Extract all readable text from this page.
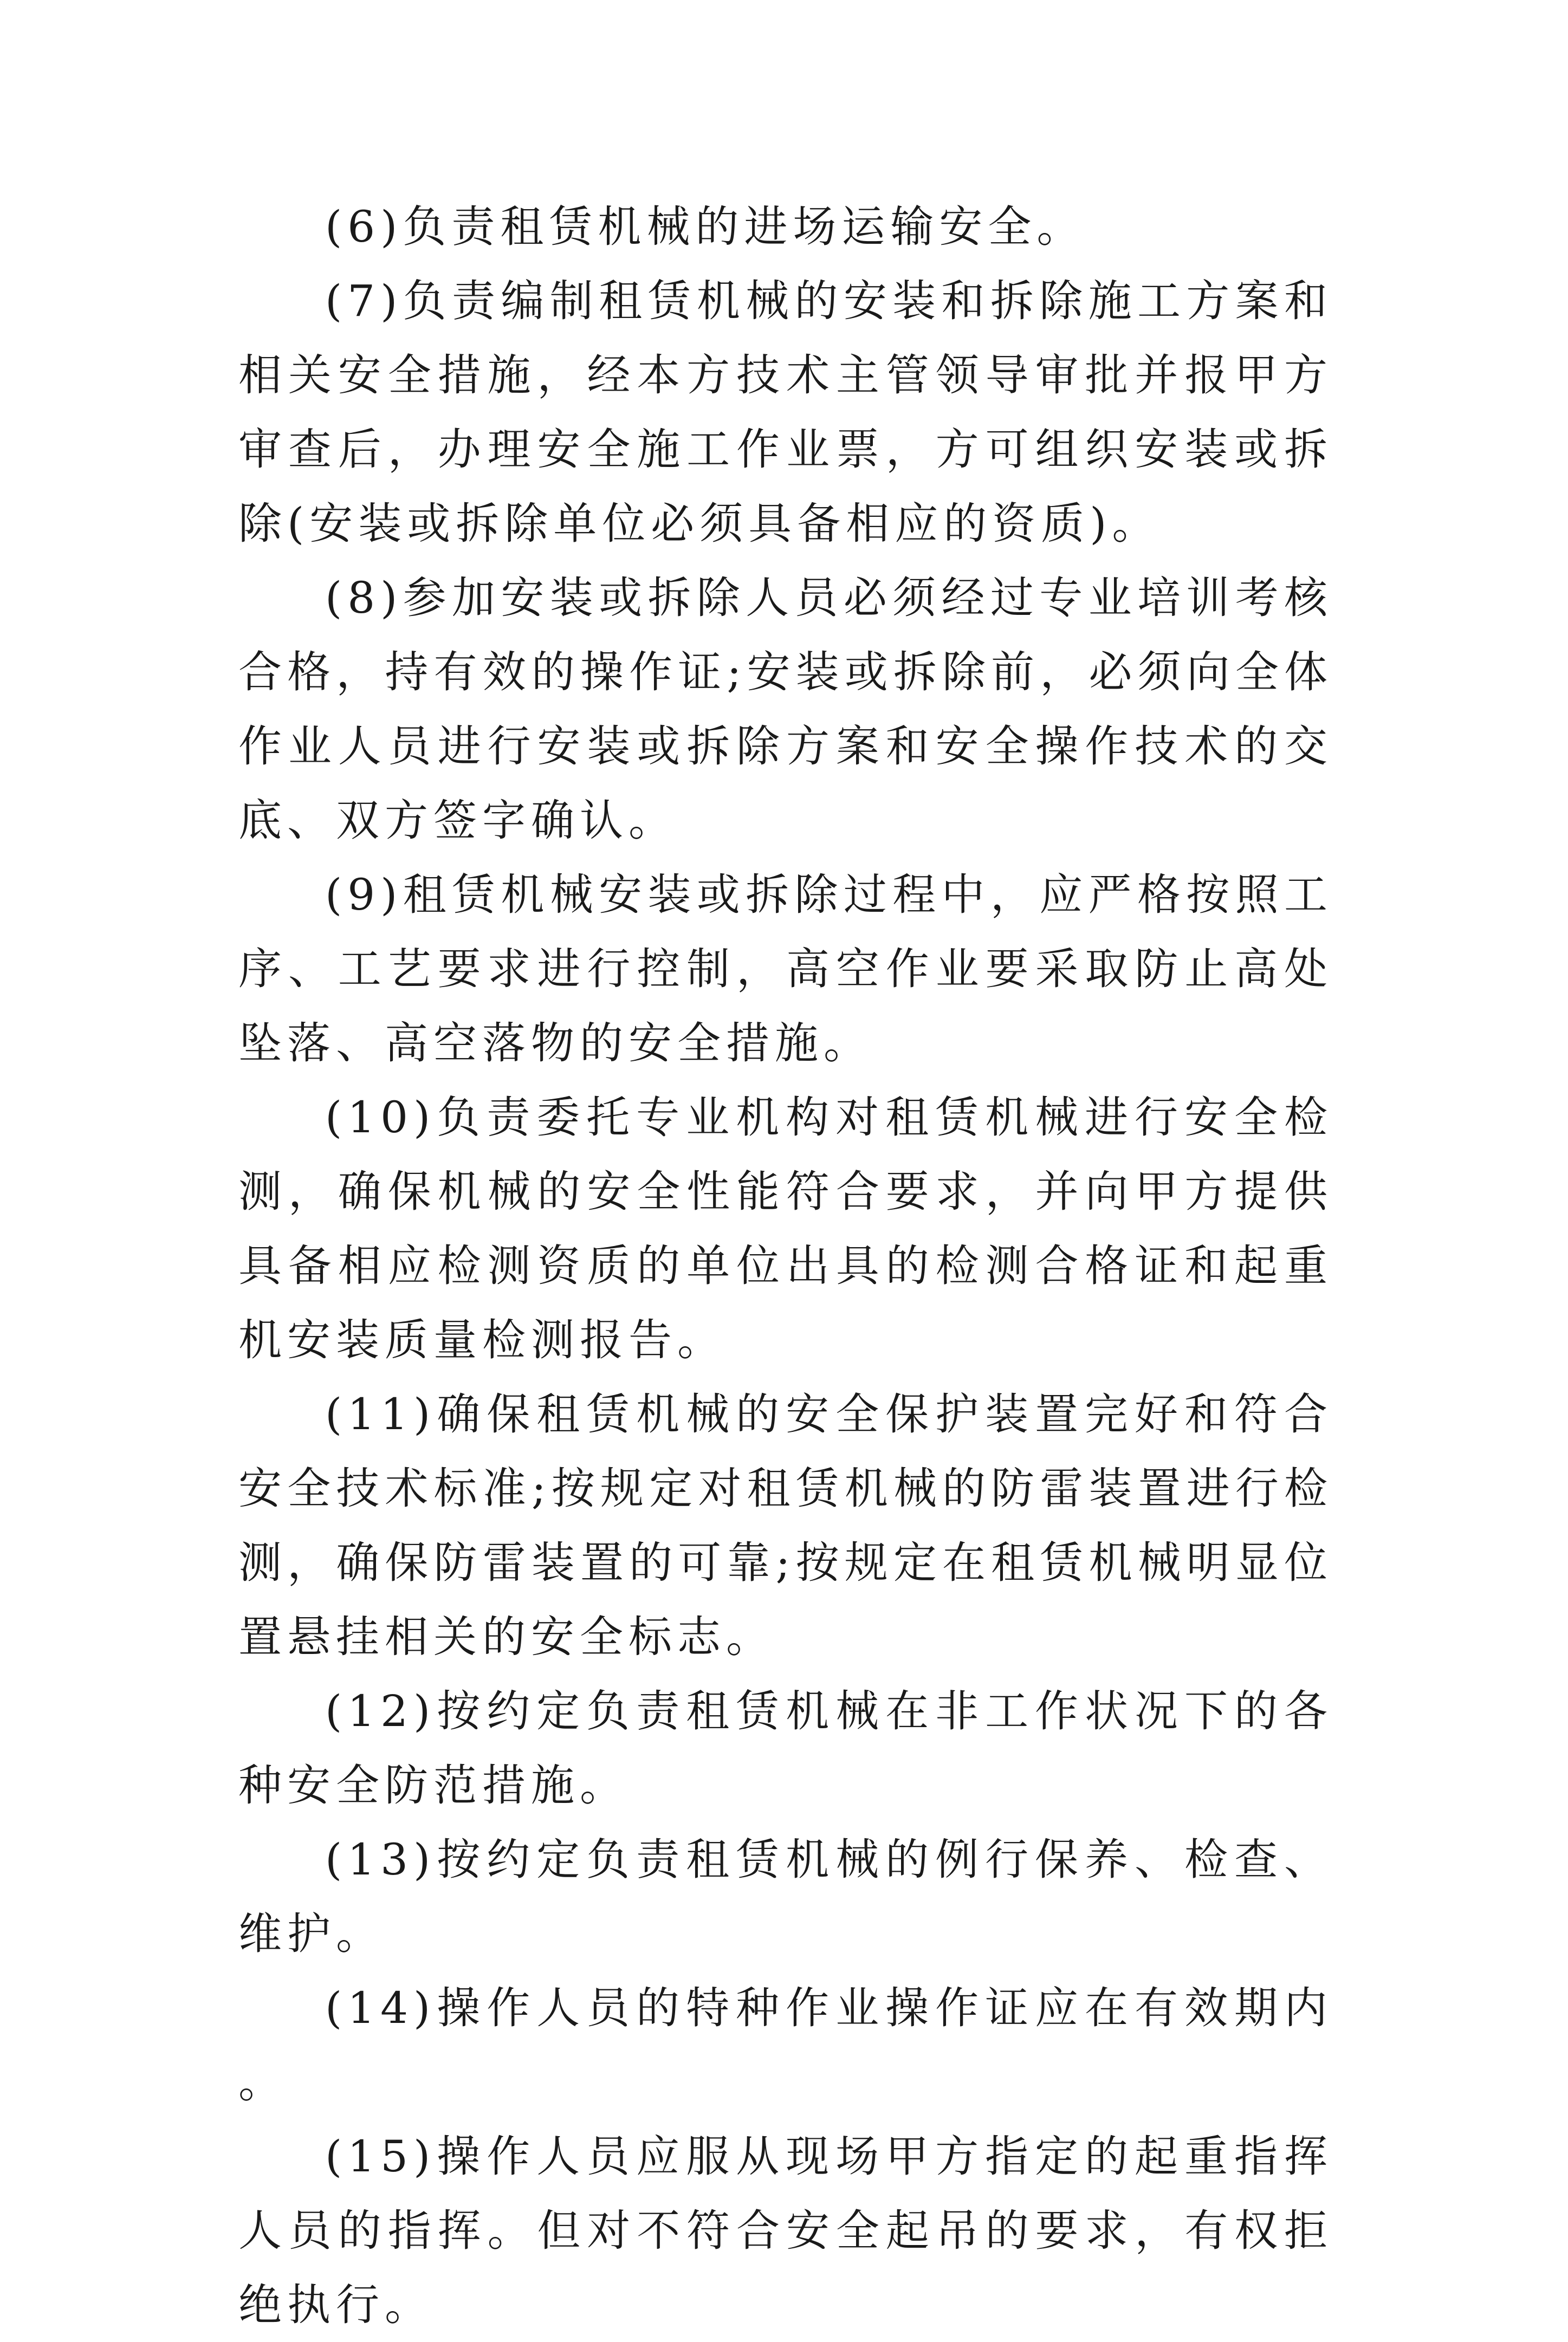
(6)负责租赁机械的进场运输安全。

(7)负责编制租赁机械的安装和拆除施工方案和相关安全措施，经本方技术主管领导审批并报甲方审查后，办理安全施工作业票，方可组织安装或拆除(安装或拆除单位必须具备相应的资质)。

(8)参加安装或拆除人员必须经过专业培训考核合格，持有效的操作证;安装或拆除前，必须向全体作业人员进行安装或拆除方案和安全操作技术的交底、双方签字确认。

(9)租赁机械安装或拆除过程中，应严格按照工序、工艺要求进行控制，高空作业要采取防止高处坠落、高空落物的安全措施。

(10)负责委托专业机构对租赁机械进行安全检测，确保机械的安全性能符合要求，并向甲方提供具备相应检测资质的单位出具的检测合格证和起重机安装质量检测报告。

(11)确保租赁机械的安全保护装置完好和符合安全技术标准;按规定对租赁机械的防雷装置进行检测，确保防雷装置的可靠;按规定在租赁机械明显位置悬挂相关的安全标志。

(12)按约定负责租赁机械在非工作状况下的各种安全防范措施。

(13)按约定负责租赁机械的例行保养、检查、维护。

(14)操作人员的特种作业操作证应在有效期内。

(15)操作人员应服从现场甲方指定的起重指挥人员的指挥。但对不符合安全起吊的要求，有权拒绝执行。
